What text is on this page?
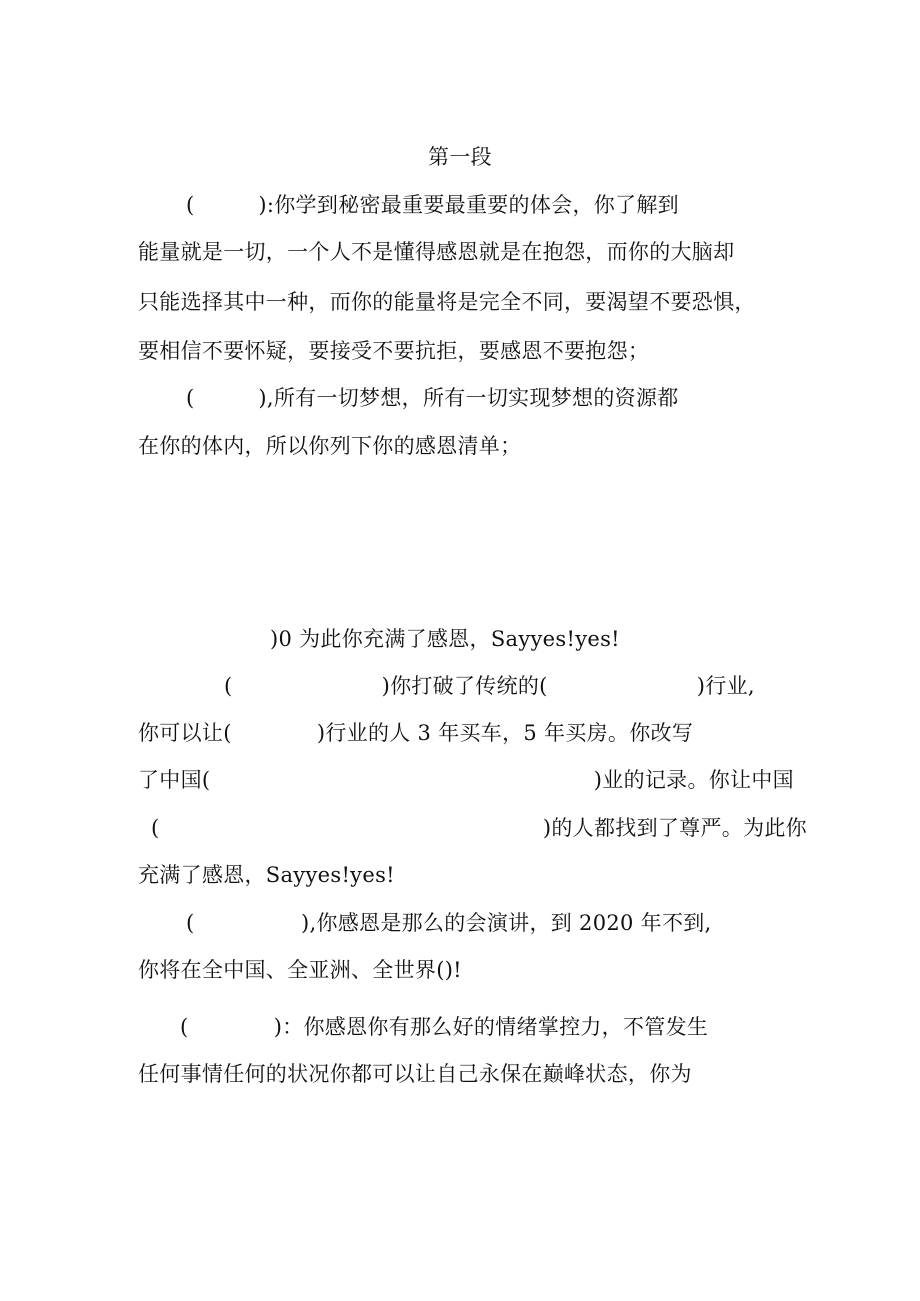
第一段
(　　　):你学到秘密最重要最重要的体会，你了解到
能量就是一切，一个人不是懂得感恩就是在抱怨，而你的大脑却
只能选择其中一种，而你的能量将是完全不同，要渴望不要恐惧，
要相信不要怀疑，要接受不要抗拒，要感恩不要抱怨；
(　　　),所有一切梦想，所有一切实现梦想的资源都
在你的体内，所以你列下你的感恩清单；
)0 为此你充满了感恩，Sayyes!yes!
(　　　　　　　)你打破了传统的(　　　　　　　)行业,
你可以让(　　　　)行业的人 3 年买车，5 年买房。你改写
了中国(　　　　　　　　　　　　　　　　　　)业的记录。你让中国
(　　　　　　　　　　　　　　　　　　)的人都找到了尊严。为此你
充满了感恩，Sayyes!yes!
(　　　　　),你感恩是那么的会演讲，到 2020 年不到,
你将在全中国、全亚洲、全世界()!
(　　　　)：你感恩你有那么好的情绪掌控力，不管发生
任何事情任何的状况你都可以让自己永保在巅峰状态，你为
